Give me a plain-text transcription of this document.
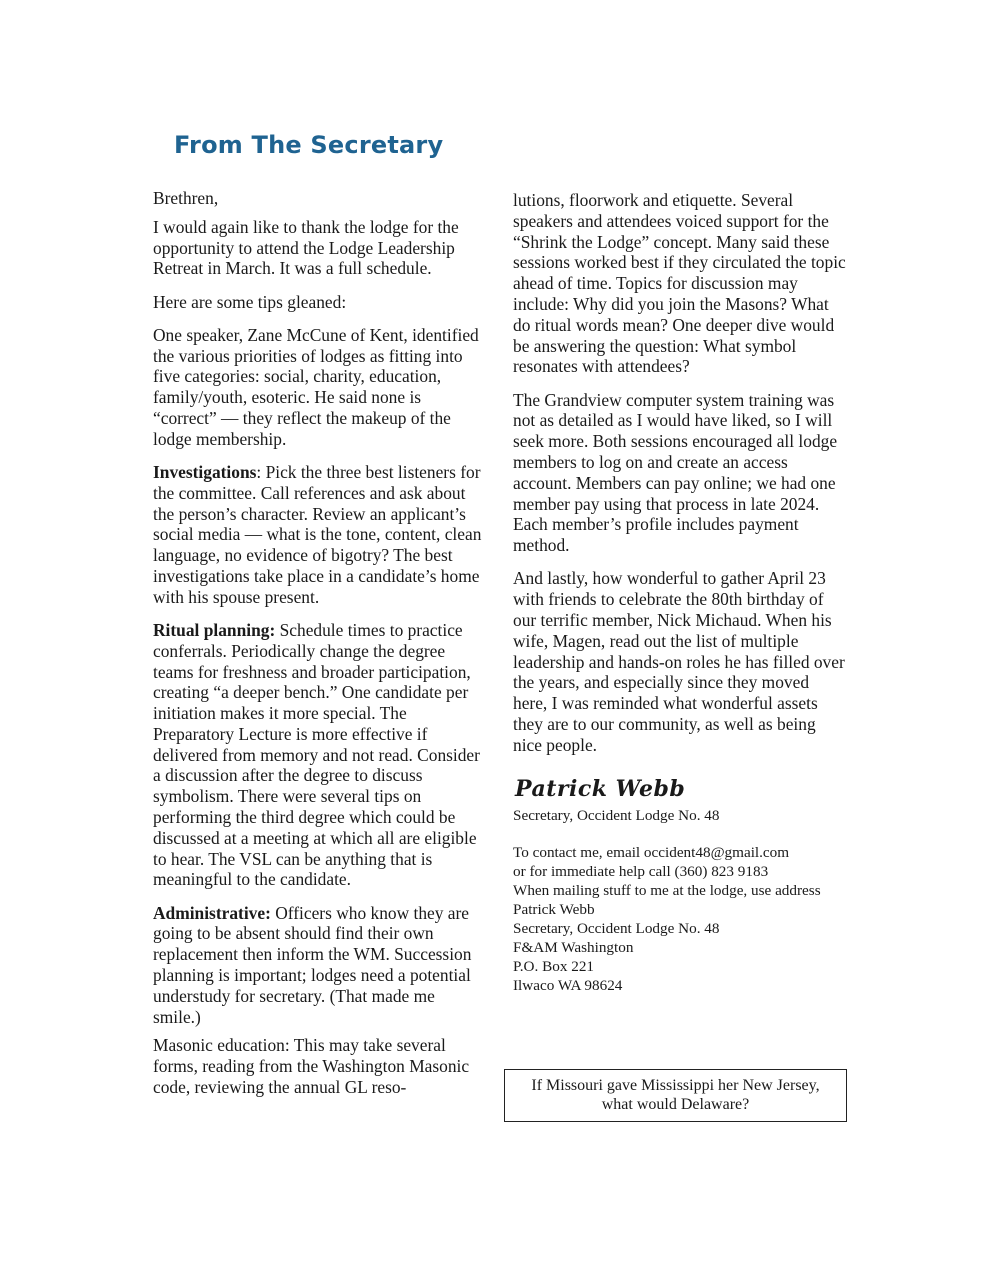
From The Secretary

Brethren,

I would again like to thank the lodge for the opportunity to attend the Lodge Leadership Retreat in March. It was a full schedule.

Here are some tips gleaned:

One speaker, Zane McCune of Kent, identified the various priorities of lodges as fitting into five categories: social, charity, education, family/youth, esoteric. He said none is “correct” — they reflect the makeup of the lodge membership.

Investigations: Pick the three best listeners for the committee. Call references and ask about the person’s character. Review an applicant’s social media — what is the tone, content, clean language, no evidence of bigotry? The best investigations take place in a candidate’s home with his spouse present.

Ritual planning: Schedule times to practice conferrals. Periodically change the degree teams for freshness and broader participation, creating “a deeper bench.” One candidate per initiation makes it more special. The Preparatory Lecture is more effective if delivered from memory and not read. Consider a discussion after the degree to discuss symbolism. There were several tips on performing the third degree which could be discussed at a meeting at which all are eligible to hear. The VSL can be anything that is meaningful to the candidate.

Administrative: Officers who know they are going to be absent should find their own replacement then inform the WM. Succession planning is important; lodges need a potential understudy for secretary. (That made me smile.)

Masonic education: This may take several forms, reading from the Washington Masonic code, reviewing the annual GL reso-

lutions, floorwork and etiquette. Several speakers and attendees voiced support for the “Shrink the Lodge” concept. Many said these sessions worked best if they circulated the topic ahead of time. Topics for discussion may include: Why did you join the Masons? What do ritual words mean? One deeper dive would be answering the question: What symbol resonates with attendees?

The Grandview computer system training was not as detailed as I would have liked, so I will seek more. Both sessions encouraged all lodge members to log on and create an access account. Members can pay online; we had one member pay using that process in late 2024. Each member’s profile includes payment method.

And lastly, how wonderful to gather April 23 with friends to celebrate the 80th birthday of our terrific member, Nick Michaud. When his wife, Magen, read out the list of multiple leadership and hands-on roles he has filled over the years, and especially since they moved here, I was reminded what wonderful assets they are to our community, as well as being nice people.

Patrick Webb

Secretary, Occident Lodge No. 48

To contact me, email occident48@gmail.com

or for immediate help call (360) 823 9183

When mailing stuff to me at the lodge, use address

Patrick Webb

Secretary, Occident Lodge No. 48

F&AM Washington

P.O. Box 221

Ilwaco WA 98624

If Missouri gave Mississippi her New Jersey,
what would Delaware?
